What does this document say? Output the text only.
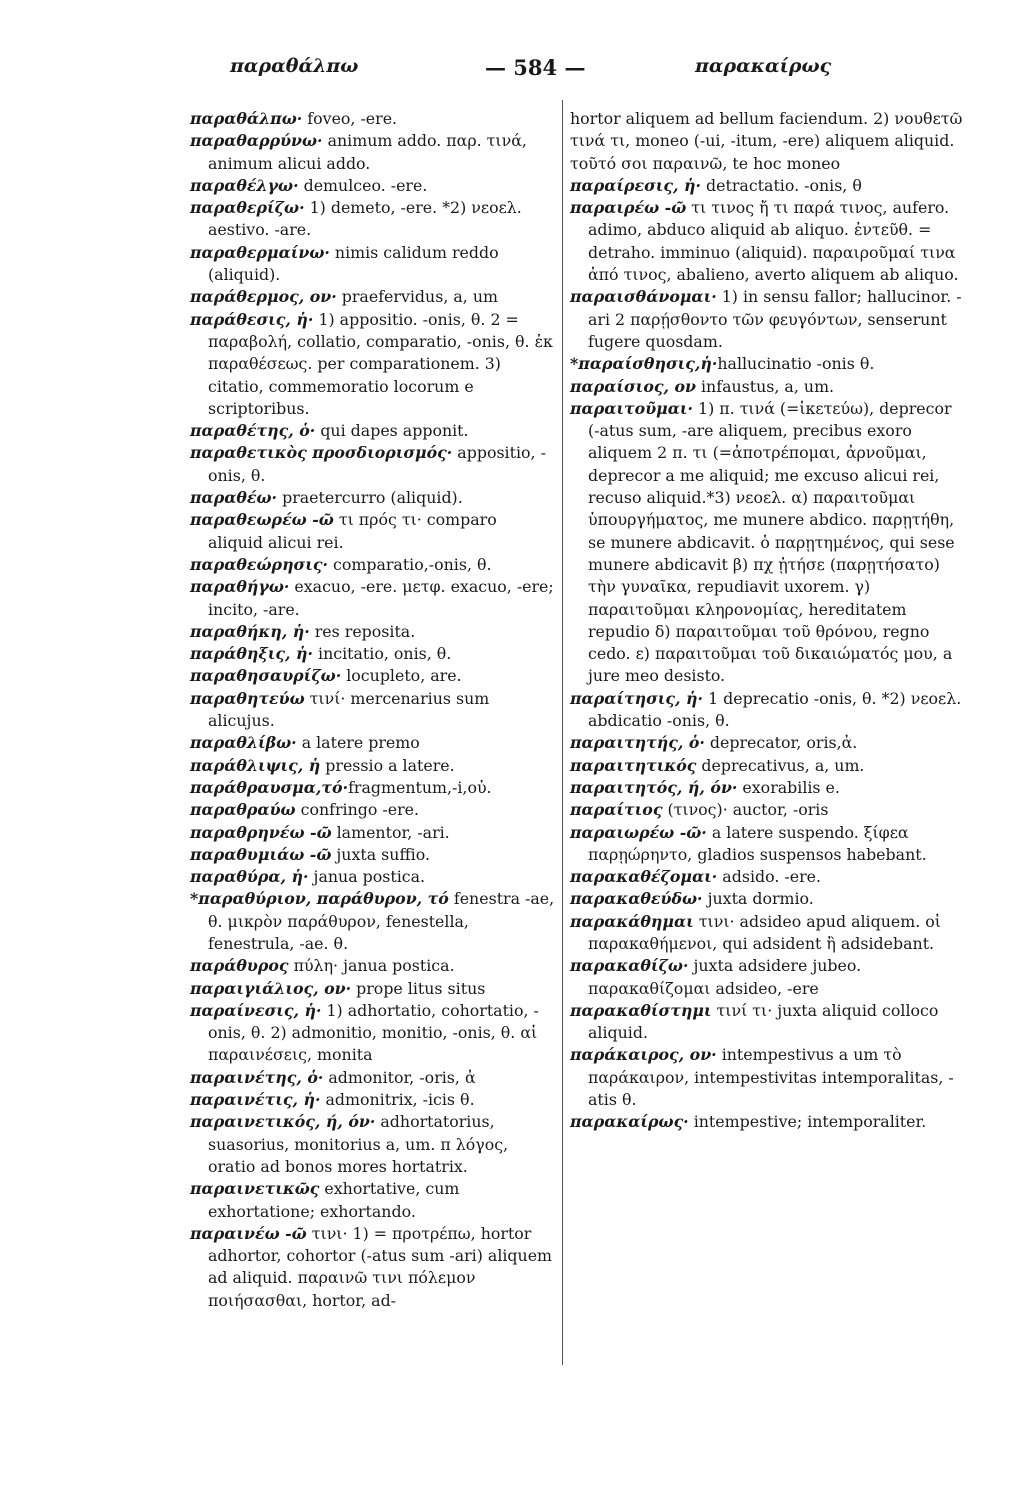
παραθάλπω	— 584 —	παρακαίρως

παραθάλπω· foveo, -ere.

παραθαρρύνω· animum addo. παρ. τινά, animum alicui addo.

παραθέλγω· demulceo. -ere.

παραθερίζω· 1) demeto, -ere. *2) νεοελ. aestivo. -are.

παραθερμαίνω· nimis calidum reddo (aliquid).

παράθερμος, ον· praefervidus, a, um

παράθεσις, ἡ· 1) appositio. -onis, θ. 2 = παραβολή, collatio, comparatio, -onis, θ. ἐκ παραθέσεως. per comparationem. 3) citatio, commemoratio locorum e scriptoribus.

παραθέτης, ὁ· qui dapes apponit.

παραθετικὸς προσδιορισμός· appositio, -onis, θ.

παραθέω· praetercurro (aliquid).

παραθεωρέω -ῶ τι πρός τι· comparo aliquid alicui rei.

παραθεώρησις· comparatio,-onis, θ.

παραθήγω· exacuo, -ere. μετφ. exacuo, -ere; incito, -are.

παραθήκη, ἡ· res reposita.

παράθηξις, ἡ· incitatio, onis, θ.

παραθησαυρίζω· locupleto, are.

παραθητεύω τινί· mercenarius sum alicujus.

παραθλίβω· a latere premo

παράθλιψις, ἡ pressio a latere.

παράθραυσμα,τό·fragmentum,-i,οὐ.

παραθραύω confringo -ere.

παραθρηνέω -ῶ lamentor, -ari.

παραθυμιάω -ῶ juxta suffio.

παραθύρα, ἡ· janua postica.

*παραθύριον, παράθυρον, τό fenestra -ae, θ. μικρὸν παράθυρον, fenestella, fenestrula, -ae. θ.

παράθυρος πύλη· janua postica.

παραιγιάλιος, ον· prope litus situs

παραίνεσις, ἡ· 1) adhortatio, cohortatio, -onis, θ. 2) admonitio, monitio, -onis, θ. αἱ παραινέσεις, monita

παραινέτης, ὁ· admonitor, -oris, ἀ

παραινέτις, ἡ· admonitrix, -icis θ.

παραινετικός, ή, όν· adhortatorius, suasorius, monitorius a, um. π λόγος, oratio ad bonos mores hortatrix.

παραινετικῶς exhortative, cum exhortatione; exhortando.

παραινέω -ῶ τινι· 1) = προτρέπω, hortor adhortor, cohortor (-atus sum -ari) aliquem ad aliquid. παραινῶ τινι πόλεμον ποιήσασθαι, hortor, ad-

hortor aliquem ad bellum faciendum. 2) νουθετῶ τινά τι, moneo (-ui, -itum, -ere) aliquem aliquid. τοῦτό σοι παραινῶ, te hoc moneo

παραίρεσις, ἡ· detractatio. -onis, θ

παραιρέω -ῶ τι τινος ἤ τι παρά τινος, aufero. adimo, abduco aliquid ab aliquo. ἐντεῦθ. = detraho. imminuo (aliquid). παραιροῦμαί τινα ἀπό τινος, abalieno, averto aliquem ab aliquo.

παραισθάνομαι· 1) in sensu fallor; hallucinor. -ari 2 παρῄσθοντο τῶν φευγόντων, senserunt fugere quosdam.

*παραίσθησις,ἡ·hallucinatio -onis θ.

παραίσιος, ον infaustus, a, um.

παραιτοῦμαι· 1) π. τινά (=ἱκετεύω), deprecor (-atus sum, -are aliquem, precibus exoro aliquem 2 π. τι (=ἀποτρέπομαι, ἀρνοῦμαι, deprecor a me aliquid; me excuso alicui rei, recuso aliquid.*3) νεοελ. α) παραιτοῦμαι ὑπουργήματος, me munere abdico. παρῃτήθη, se munere abdicavit. ὁ παρῃτημένος, qui sese munere abdicavit β) πχ ᾐτήσε (παρῃτήσατο) τὴν γυναῖκα, repudiavit uxorem. γ) παραιτοῦμαι κληρονομίας, hereditatem repudio δ) παραιτοῦμαι τοῦ θρόνου, regno cedo. ε) παραιτοῦμαι τοῦ δικαιώματός μου, a jure meo desisto.

παραίτησις, ἡ· 1 deprecatio -onis, θ. *2) νεοελ. abdicatio -onis, θ.

παραιτητής, ὁ· deprecator, oris,ἀ.

παραιτητικός deprecativus, a, um.

παραιτητός, ή, όν· exorabilis e.

παραίτιος (τινος)· auctor, -oris

παραιωρέω -ῶ· a latere suspendo. ξίφεα παρῃώρηντο, gladios suspensos habebant.

παρακαθέζομαι· adsido. -ere.

παρακαθεύδω· juxta dormio.

παρακάθημαι τινι· adsideo apud aliquem. οἱ παρακαθήμενοι, qui adsident ἢ adsidebant.

παρακαθίζω· juxta adsidere jubeo. παρακαθίζομαι adsideo, -ere

παρακαθίστημι τινί τι· juxta aliquid colloco aliquid.

παράκαιρος, ον· intempestivus a um τὸ παράκαιρον, intempestivitas intemporalitas, -atis θ.

παρακαίρως· intempestive; intemporaliter.
